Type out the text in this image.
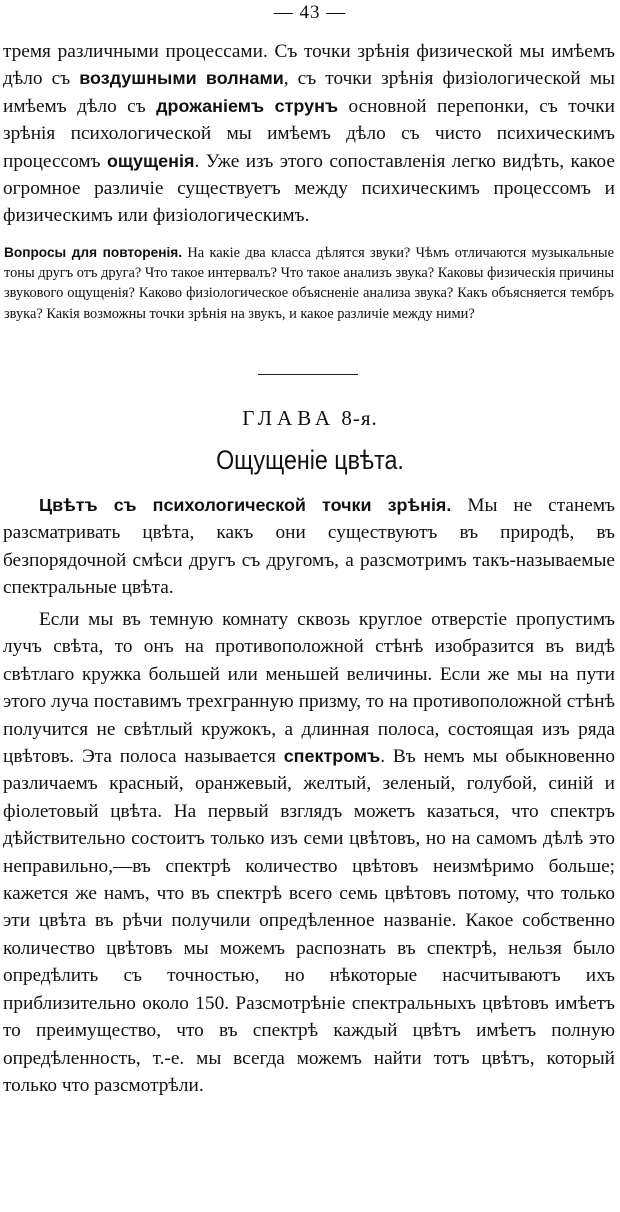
— 43 —

тремя различными процессами. Съ точки зрѣнія физической мы имѣемъ дѣло съ воздушными волнами, съ точки зрѣнія физіологической мы имѣемъ дѣло съ дрожаніемъ струнъ основной перепонки, съ точки зрѣнія психологической мы имѣемъ дѣло съ чисто психическимъ процессомъ ощущенія. Уже изъ этого сопоставленія легко видѣть, какое огромное различіе существуетъ между психическимъ процессомъ и физическимъ или физіологическимъ.

Вопросы для повторенія. На какіе два класса дѣлятся звуки? Чѣмъ отличаются музыкальные тоны другъ отъ друга? Что такое интервалъ? Что такое анализъ звука? Каковы физическія причины звукового ощущенія? Каково физіологическое объясненіе анализа звука? Какъ объясняется тембръ звука? Какія возможны точки зрѣнія на звукъ, и какое различіе между ними?

ГЛАВА 8-я.
Ощущеніе цвѣта.

Цвѣтъ съ психологической точки зрѣнія. Мы не станемъ разсматривать цвѣта, какъ они существуютъ въ природѣ, въ безпорядочной смѣси другъ съ другомъ, а разсмотримъ такъ-называемые спектральные цвѣта.

Если мы въ темную комнату сквозь круглое отверстіе пропустимъ лучъ свѣта, то онъ на противоположной стѣнѣ изобразится въ видѣ свѣтлаго кружка большей или меньшей величины. Если же мы на пути этого луча поставимъ трехгранную призму, то на противоположной стѣнѣ получится не свѣтлый кружокъ, а длинная полоса, состоящая изъ ряда цвѣтовъ. Эта полоса называется спектромъ. Въ немъ мы обыкновенно различаемъ красный, оранжевый, желтый, зеленый, голубой, синій и фіолетовый цвѣта. На первый взглядъ можетъ казаться, что спектръ дѣйствительно состоитъ только изъ семи цвѣтовъ, но на самомъ дѣлѣ это неправильно,—въ спектрѣ количество цвѣтовъ неизмѣримо больше; кажется же намъ, что въ спектрѣ всего семь цвѣтовъ потому, что только эти цвѣта въ рѣчи получили опредѣленное названіе. Какое собственно количество цвѣтовъ мы можемъ распознать въ спектрѣ, нельзя было опредѣлить съ точностью, но нѣкоторые насчитываютъ ихъ приблизительно около 150. Разсмотрѣніе спектральныхъ цвѣтовъ имѣетъ то преимущество, что въ спектрѣ каждый цвѣтъ имѣетъ полную опредѣленность, т.-е. мы всегда можемъ найти тотъ цвѣтъ, который только что разсмотрѣли.
